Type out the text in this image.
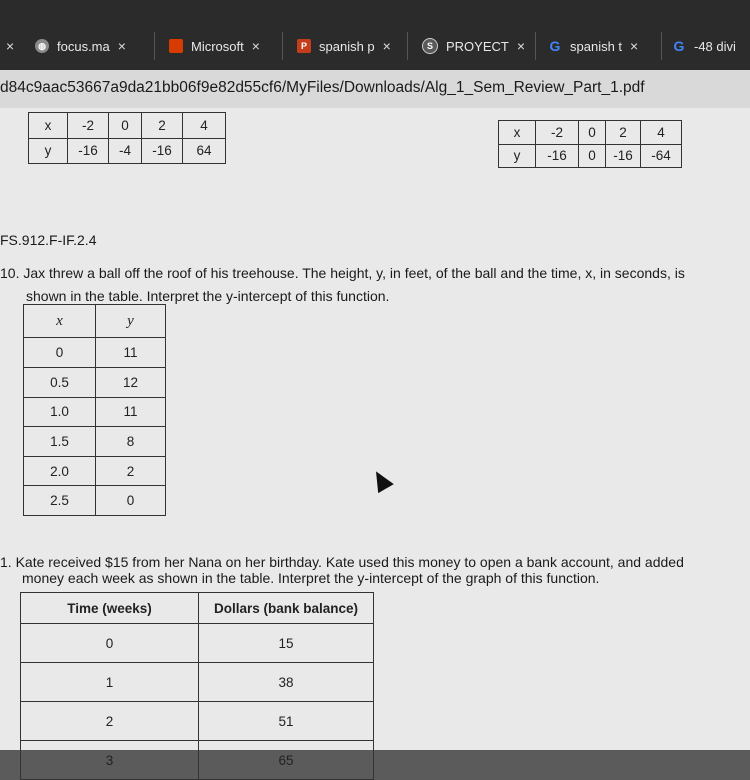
×	◍ focus.ma ×	Microsoft ×	P spanish p ×	S	PROYECT × G spanish t ×	G -48 divi
d84c9aac53667a9da21bb06f9e82d55cf6/MyFiles/Downloads/Alg_1_Sem_Review_Part_1.pdf
x	-2	0	2	4
y	-16	-4	-16	64
x	-2	0	2	4
y	-16	0	-16	-64
FS.912.F-IF.2.4
10. Jax threw a ball off the roof of his treehouse. The height, y, in feet, of the ball and the time, x, in seconds, is
shown in the table. Interpret the y-intercept of this function.
x	y
0	11
0.5	12
1.0	11
1.5	8
2.0	2
2.5	0
1. Kate received $15 from her Nana on her birthday. Kate used this money to open a bank account, and added
money each week as shown in the table. Interpret the y-intercept of the graph of this function.
Time (weeks)	Dollars (bank balance)
0	15
1	38
2	51
3	65
